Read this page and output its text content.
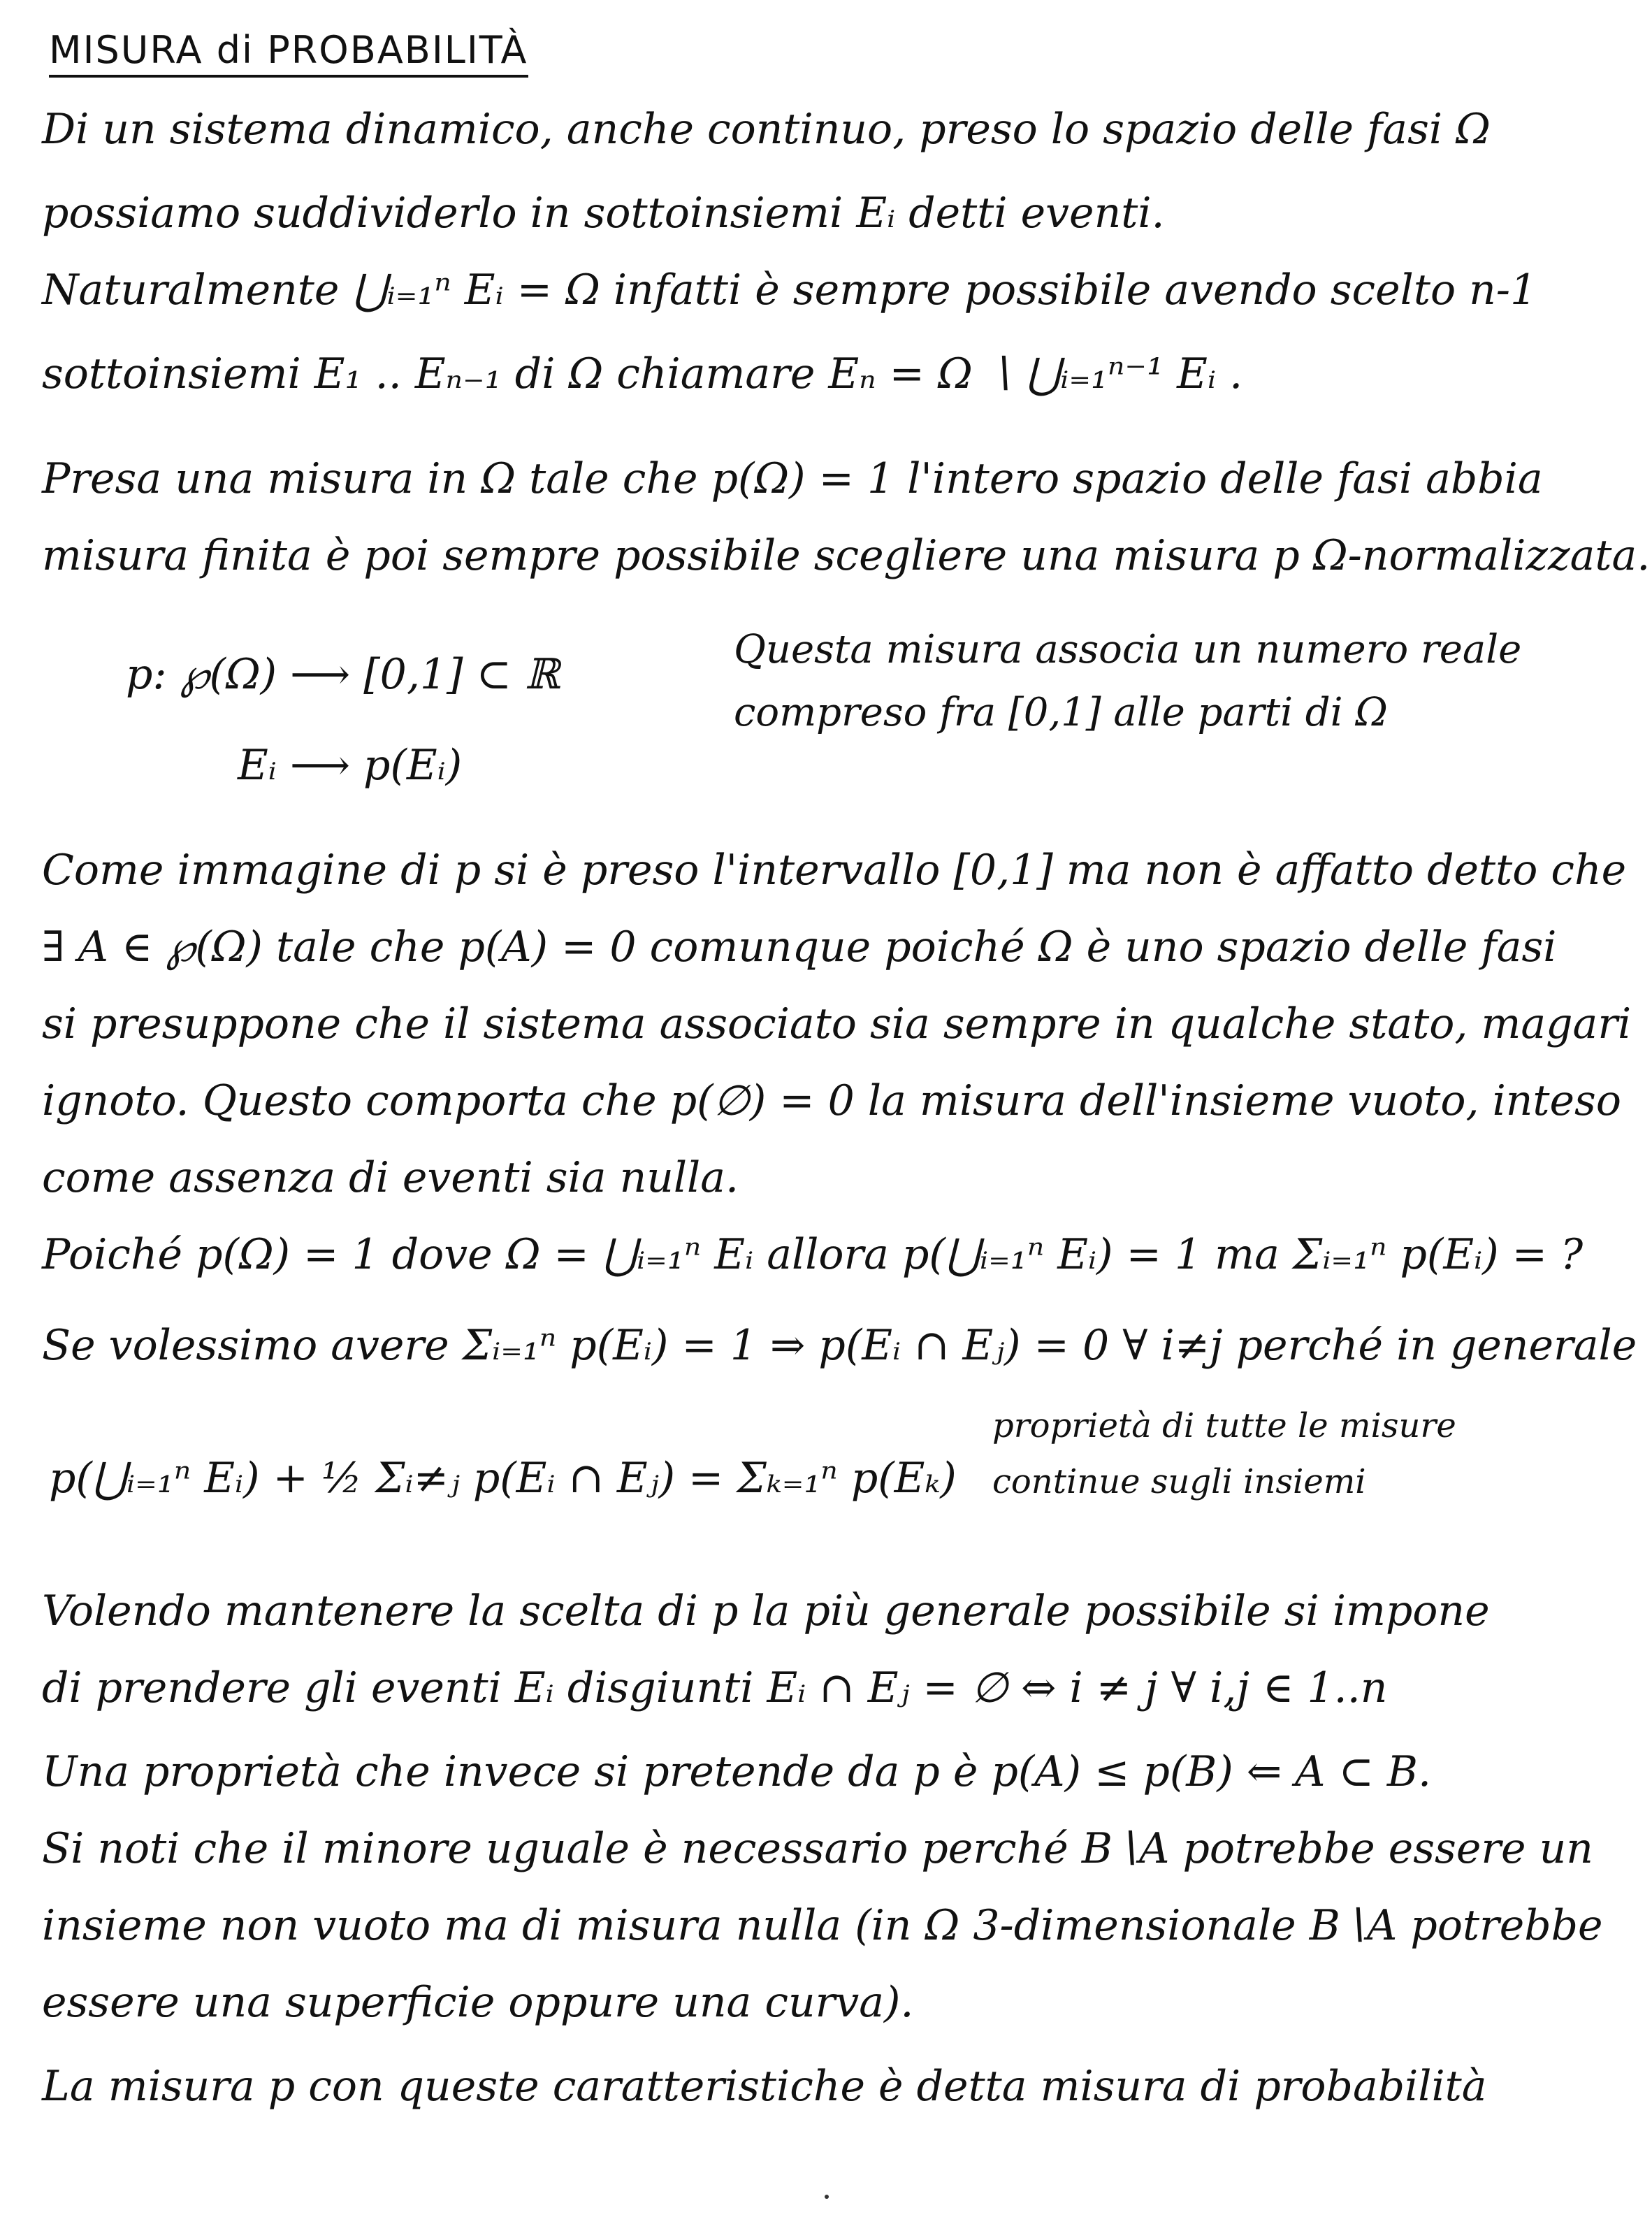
MISURA di PROBABILITÀ
Di un sistema dinamico, anche continuo, preso lo spazio delle fasi Ω
possiamo suddividerlo in sottoinsiemi Eᵢ detti eventi.
Naturalmente ⋃ᵢ₌₁ⁿ Eᵢ = Ω infatti è sempre possibile avendo scelto n-1
sottoinsiemi E₁ .. Eₙ₋₁ di Ω chiamare Eₙ = Ω ∖ ⋃ᵢ₌₁ⁿ⁻¹ Eᵢ .
Presa una misura in Ω tale che p(Ω) = 1 l'intero spazio delle fasi abbia
misura finita è poi sempre possibile scegliere una misura p Ω-normalizzata.
p: ℘(Ω) ⟶ [0,1] ⊂ ℝ
Eᵢ ⟶ p(Eᵢ)
Questa misura associa un numero reale
compreso fra [0,1] alle parti di Ω
Come immagine di p si è preso l'intervallo [0,1] ma non è affatto detto che
∃ A ∈ ℘(Ω) tale che p(A) = 0 comunque poiché Ω è uno spazio delle fasi
si presuppone che il sistema associato sia sempre in qualche stato, magari
ignoto. Questo comporta che p(∅) = 0 la misura dell'insieme vuoto, inteso
come assenza di eventi sia nulla.
Poiché p(Ω) = 1 dove Ω = ⋃ᵢ₌₁ⁿ Eᵢ allora p(⋃ᵢ₌₁ⁿ Eᵢ) = 1 ma Σᵢ₌₁ⁿ p(Eᵢ) = ?
Se volessimo avere Σᵢ₌₁ⁿ p(Eᵢ) = 1 ⇒ p(Eᵢ ∩ Eⱼ) = 0 ∀ i≠j perché in generale
p(⋃ᵢ₌₁ⁿ Eᵢ) + ½ Σᵢ≠ⱼ p(Eᵢ ∩ Eⱼ) = Σₖ₌₁ⁿ p(Eₖ)
proprietà di tutte le misure
continue sugli insiemi
Volendo mantenere la scelta di p la più generale possibile si impone
di prendere gli eventi Eᵢ disgiunti Eᵢ ∩ Eⱼ = ∅ ⇔ i ≠ j ∀ i,j ∈ 1..n
Una proprietà che invece si pretende da p è p(A) ≤ p(B) ⇐ A ⊂ B.
Si noti che il minore uguale è necessario perché B∖A potrebbe essere un
insieme non vuoto ma di misura nulla (in Ω 3-dimensionale B∖A potrebbe
essere una superficie oppure una curva).
La misura p con queste caratteristiche è detta misura di probabilità
